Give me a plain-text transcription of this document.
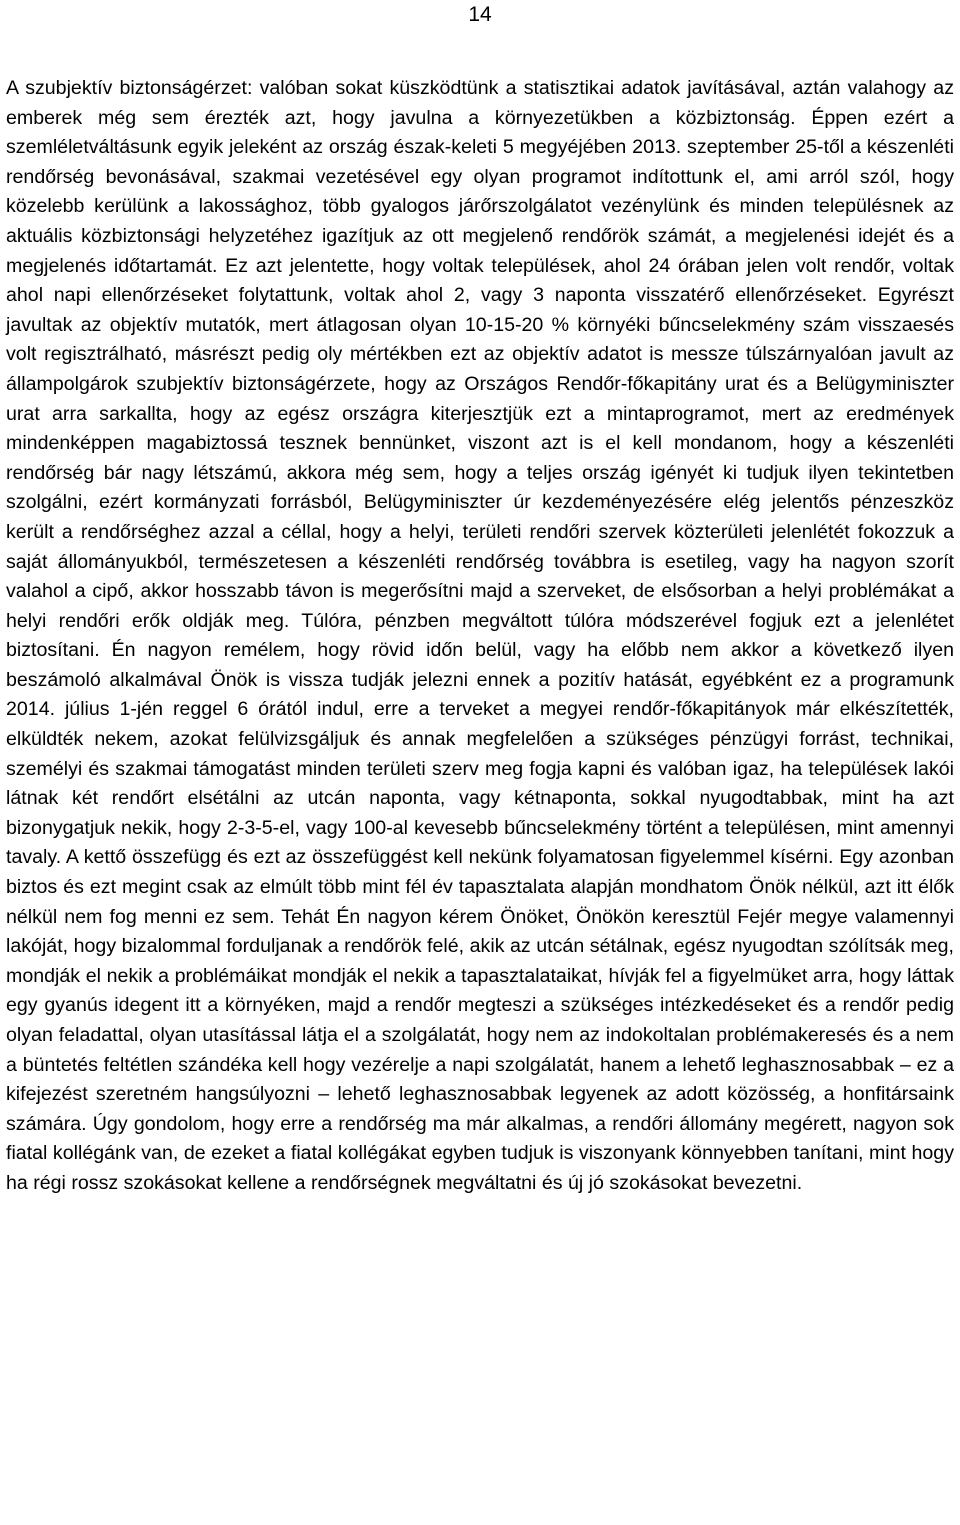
14

A szubjektív biztonságérzet: valóban sokat küszködtünk a statisztikai adatok javításával, aztán valahogy az emberek még sem érezték azt, hogy javulna a környezetükben a közbiztonság. Éppen ezért a szemléletváltásunk egyik jeleként az ország észak-keleti 5 megyéjében 2013. szeptember 25-től a készenléti rendőrség bevonásával, szakmai vezetésével egy olyan programot indítottunk el, ami arról szól, hogy közelebb kerülünk a lakossághoz, több gyalogos járőrszolgálatot vezénylünk és minden településnek az aktuális közbiztonsági helyzetéhez igazítjuk az ott megjelenő rendőrök számát, a megjelenési idejét és a megjelenés időtartamát. Ez azt jelentette, hogy voltak települések, ahol 24 órában jelen volt rendőr, voltak ahol napi ellenőrzéseket folytattunk, voltak ahol 2, vagy 3 naponta visszatérő ellenőrzéseket. Egyrészt javultak az objektív mutatók, mert átlagosan olyan 10-15-20 % környéki bűncselekmény szám visszaesés volt regisztrálható, másrészt pedig oly mértékben ezt az objektív adatot is messze túlszárnyalóan javult az állampolgárok szubjektív biztonságérzete, hogy az Országos Rendőr-főkapitány urat és a Belügyminiszter urat arra sarkallta, hogy az egész országra kiterjesztjük ezt a mintaprogramot, mert az eredmények mindenképpen magabiztossá tesznek bennünket, viszont azt is el kell mondanom, hogy a készenléti rendőrség bár nagy létszámú, akkora még sem, hogy a teljes ország igényét ki tudjuk ilyen tekintetben szolgálni, ezért kormányzati forrásból, Belügyminiszter úr kezdeményezésére elég jelentős pénzeszköz került a rendőrséghez azzal a céllal, hogy a helyi, területi rendőri szervek közterületi jelenlétét fokozzuk a saját állományukból, természetesen a készenléti rendőrség továbbra is esetileg, vagy ha nagyon szorít valahol a cipő, akkor hosszabb távon is megerősítni majd a szerveket, de elsősorban a helyi problémákat a helyi rendőri erők oldják meg. Túlóra, pénzben megváltott túlóra módszerével fogjuk ezt a jelenlétet biztosítani. Én nagyon remélem, hogy rövid időn belül, vagy ha előbb nem akkor a következő ilyen beszámoló alkalmával Önök is vissza tudják jelezni ennek a pozitív hatását, egyébként ez a programunk 2014. július 1-jén reggel 6 órától indul, erre a terveket a megyei rendőr-főkapitányok már elkészítették, elküldték nekem, azokat felülvizsgáljuk és annak megfelelően a szükséges pénzügyi forrást, technikai, személyi és szakmai támogatást minden területi szerv meg fogja kapni és valóban igaz, ha települések lakói látnak két rendőrt elsétálni az utcán naponta, vagy kétnaponta, sokkal nyugodtabbak, mint ha azt bizonygatjuk nekik, hogy 2-3-5-el, vagy 100-al kevesebb bűncselekmény történt a településen, mint amennyi tavaly. A kettő összefügg és ezt az összefüggést kell nekünk folyamatosan figyelemmel kísérni. Egy azonban biztos és ezt megint csak az elmúlt több mint fél év tapasztalata alapján mondhatom Önök nélkül, azt itt élők nélkül nem fog menni ez sem. Tehát Én nagyon kérem Önöket, Önökön keresztül Fejér megye valamennyi lakóját, hogy bizalommal forduljanak a rendőrök felé, akik az utcán sétálnak, egész nyugodtan szólítsák meg, mondják el nekik a problémáikat mondják el nekik a tapasztalataikat, hívják fel a figyelmüket arra, hogy láttak egy gyanús idegent itt a környéken, majd a rendőr megteszi a szükséges intézkedéseket és a rendőr pedig olyan feladattal, olyan utasítással látja el a szolgálatát, hogy nem az indokoltalan problémakeresés és a nem a büntetés feltétlen szándéka kell hogy vezérelje a napi szolgálatát, hanem a lehető leghasznosabbak – ez a kifejezést szeretném hangsúlyozni – lehető leghasznosabbak legyenek az adott közösség, a honfitársaink számára. Úgy gondolom, hogy erre a rendőrség ma már alkalmas, a rendőri állomány megérett, nagyon sok fiatal kollégánk van, de ezeket a fiatal kollégákat egyben tudjuk is viszonyank könnyebben tanítani, mint hogy ha régi rossz szokásokat kellene a rendőrségnek megváltatni és új jó szokásokat bevezetni.
